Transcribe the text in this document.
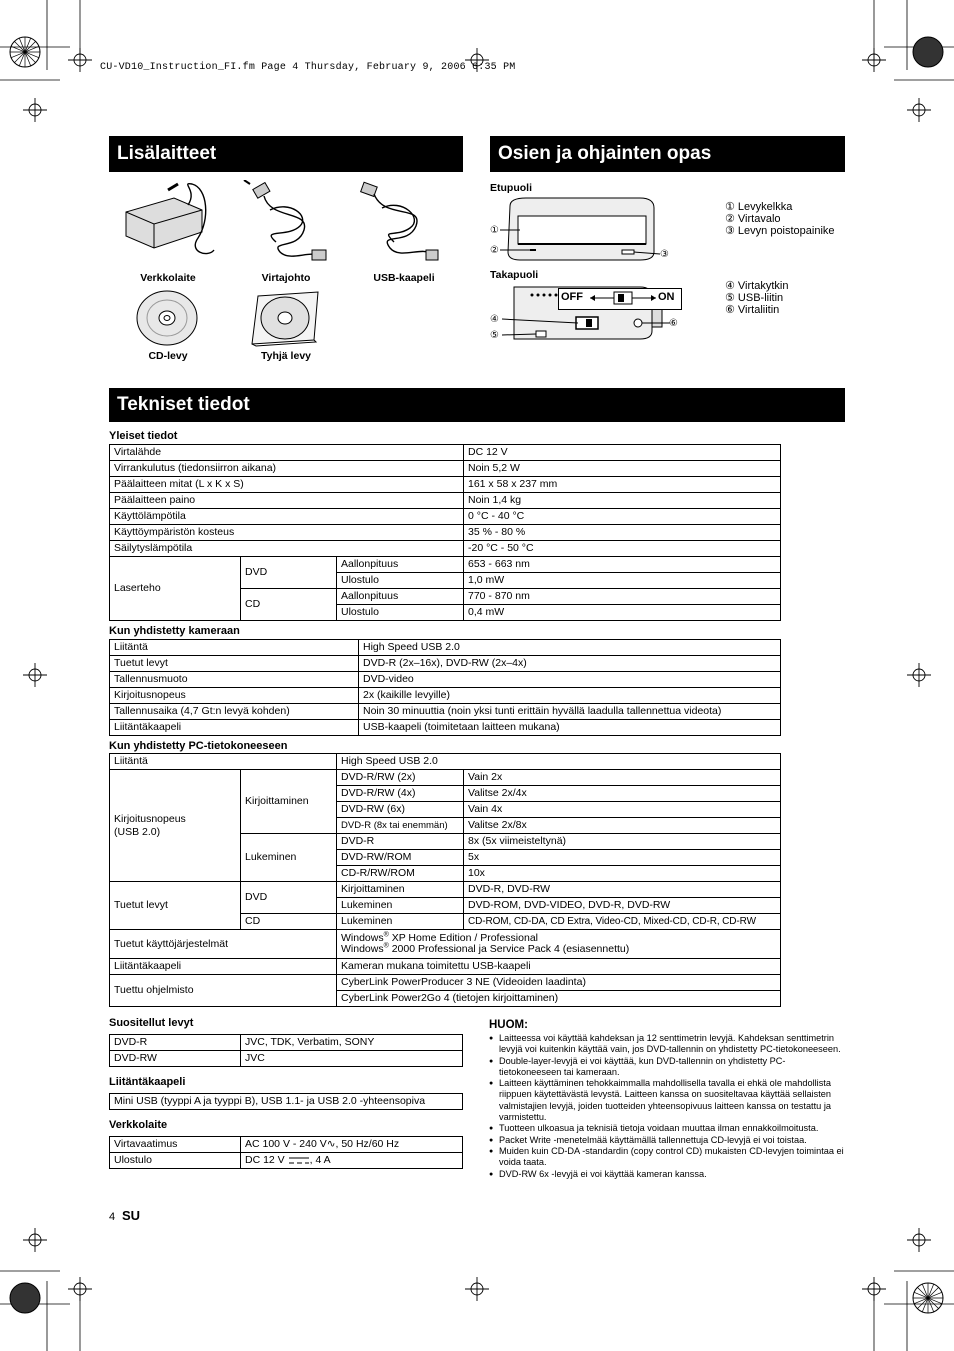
CU-VD10_Instruction_FI.fm Page 4 Thursday, February 9, 2006 6:35 PM
Lisälaitteet	Osien ja ohjainten opas
Tekniset tiedot
Verkkolaite	Virtajohto	USB-kaapeli
CD-levy	Tyhjä levy
Etupuoli
Takapuoli
①
②	③
OFF	ON
④
⑤
⑥
① Levykelkka
② Virtavalo
③ Levyn poistopainike
④ Virtakytkin
⑤ USB-liitin
⑥ Virtaliitin
Yleiset tiedot
Virtalähde			DC 12 V
Virrankulutus (tiedonsiirron aikana)			Noin 5,2 W
Päälaitteen mitat (L x K x S)			161 x 58 x 237 mm
Päälaitteen paino			Noin 1,4 kg
Käyttölämpötila			0 °C - 40 °C
Käyttöympäristön kosteus			35 % - 80 %
Säilytyslämpötila			-20 °C - 50 °C
Laserteho	DVD	Aallonpituus	653 - 663 nm
		Ulostulo	1,0 mW
	CD	Aallonpituus	770 - 870 nm
		Ulostulo	0,4 mW
Kun yhdistetty kameraan
Liitäntä	High Speed USB 2.0
Tuetut levyt	DVD-R (2x–16x), DVD-RW (2x–4x)
Tallennusmuoto	DVD-video
Kirjoitusnopeus	2x (kaikille levyille)
Tallennusaika (4,7 Gt:n levyä kohden)	Noin 30 minuuttia (noin yksi tunti erittäin hyvällä laadulla tallennettua videota)
Liitäntäkaapeli	USB-kaapeli (toimitetaan laitteen mukana)
Kun yhdistetty PC-tietokoneeseen
Liitäntä		High Speed USB 2.0	
Kirjoitusnopeus
(USB 2.0)	Kirjoittaminen	DVD-R/RW (2x)	Vain 2x
		DVD-R/RW (4x)	Valitse 2x/4x
		DVD-RW (6x)	Vain 4x
		DVD-R (8x tai enemmän)	Valitse 2x/8x
	Lukeminen	DVD-R	8x (5x viimeisteltynä)
		DVD-RW/ROM	5x
		CD-R/RW/ROM	10x
Tuetut levyt	DVD	Kirjoittaminen	DVD-R, DVD-RW
		Lukeminen	DVD-ROM, DVD-VIDEO, DVD-R, DVD-RW
	CD	Lukeminen	CD-ROM, CD-DA, CD Extra, Video-CD, Mixed-CD, CD-R, CD-RW
Tuetut käyttöjärjestelmät		Windows® XP Home Edition / Professional
Windows® 2000 Professional ja Service Pack 4 (esiasennettu)	
Liitäntäkaapeli		Kameran mukana toimitettu USB-kaapeli	
Tuettu ohjelmisto		CyberLink PowerProducer 3 NE (Videoiden laadinta)	
		CyberLink Power2Go 4 (tietojen kirjoittaminen)	
Suositellut levyt
DVD-R	JVC, TDK, Verbatim, SONY
DVD-RW	JVC
Liitäntäkaapeli
Mini USB (tyyppi A ja tyyppi B), USB 1.1- ja USB 2.0 -yhteensopiva
Verkkolaite
Virtavaatimus	AC 100 V - 240 V∿, 50 Hz/60 Hz
Ulostulo	DC 12 V , 4 A
HUOM:
● Laitteessa voi käyttää kahdeksan ja 12 senttimetrin levyjä. Kahdeksan senttimetrin levyjä voi kuitenkin käyttää vain, jos DVD-tallennin on yhdistetty PC-tietokoneeseen.
● Double-layer-levyjä ei voi käyttää, kun DVD-tallennin on yhdistetty PC-tietokoneeseen tai kameraan.
● Laitteen käyttäminen tehokkaimmalla mahdollisella tavalla ei ehkä ole mahdollista riippuen käytettävästä levystä. Laitteen kanssa on suositeltavaa käyttää sellaisten valmistajien levyjä, joiden tuotteiden yhteensopivuus laitteen kanssa on testattu ja varmistettu.
● Tuotteen ulkoasua ja teknisiä tietoja voidaan muuttaa ilman ennakkoilmoitusta.
● Packet Write -menetelmää käyttämällä tallennettuja CD-levyjä ei voi toistaa.
● Muiden kuin CD-DA -standardin (copy control CD) mukaisten CD-levyjen toimintaa ei voida taata.
● DVD-RW 6x -levyjä ei voi käyttää kameran kanssa.
4 SU
